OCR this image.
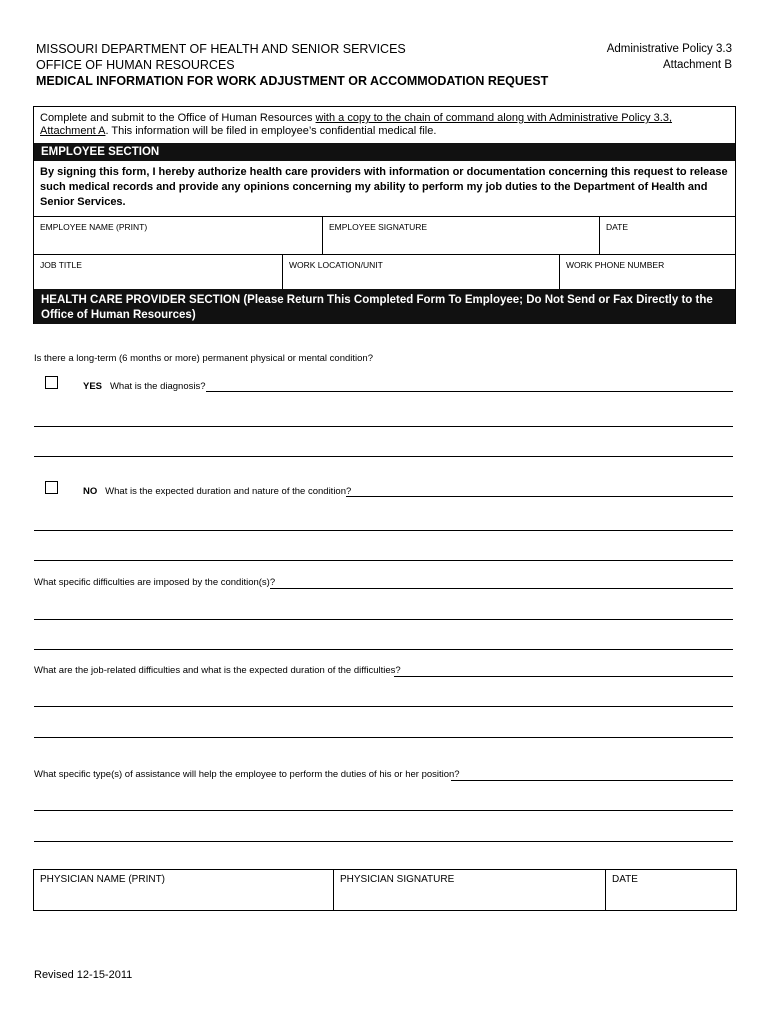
MISSOURI DEPARTMENT OF HEALTH AND SENIOR SERVICES
OFFICE OF HUMAN RESOURCES
MEDICAL INFORMATION FOR WORK ADJUSTMENT OR ACCOMMODATION REQUEST
Administrative Policy 3.3
Attachment B
Complete and submit to the Office of Human Resources with a copy to the chain of command along with Administrative Policy 3.3, Attachment A. This information will be filed in employee’s confidential medical file.
EMPLOYEE SECTION
By signing this form, I hereby authorize health care providers with information or documentation concerning this request to release such medical records and provide any opinions concerning my ability to perform my job duties to the Department of Health and Senior Services.
EMPLOYEE NAME (PRINT)	EMPLOYEE SIGNATURE	DATE
JOB TITLE	WORK LOCATION/UNIT	WORK PHONE NUMBER
HEALTH CARE PROVIDER SECTION (Please Return This Completed Form To Employee; Do Not Send or Fax Directly to the Office of Human Resources)
Is there a long-term (6 months or more) permanent physical or mental condition?
YES What is the diagnosis?
NO What is the expected duration and nature of the condition?
What specific difficulties are imposed by the condition(s)?
What are the job-related difficulties and what is the expected duration of the difficulties?
What specific type(s) of assistance will help the employee to perform the duties of his or her position?
PHYSICIAN NAME (PRINT)	PHYSICIAN SIGNATURE	DATE
Revised 12-15-2011
